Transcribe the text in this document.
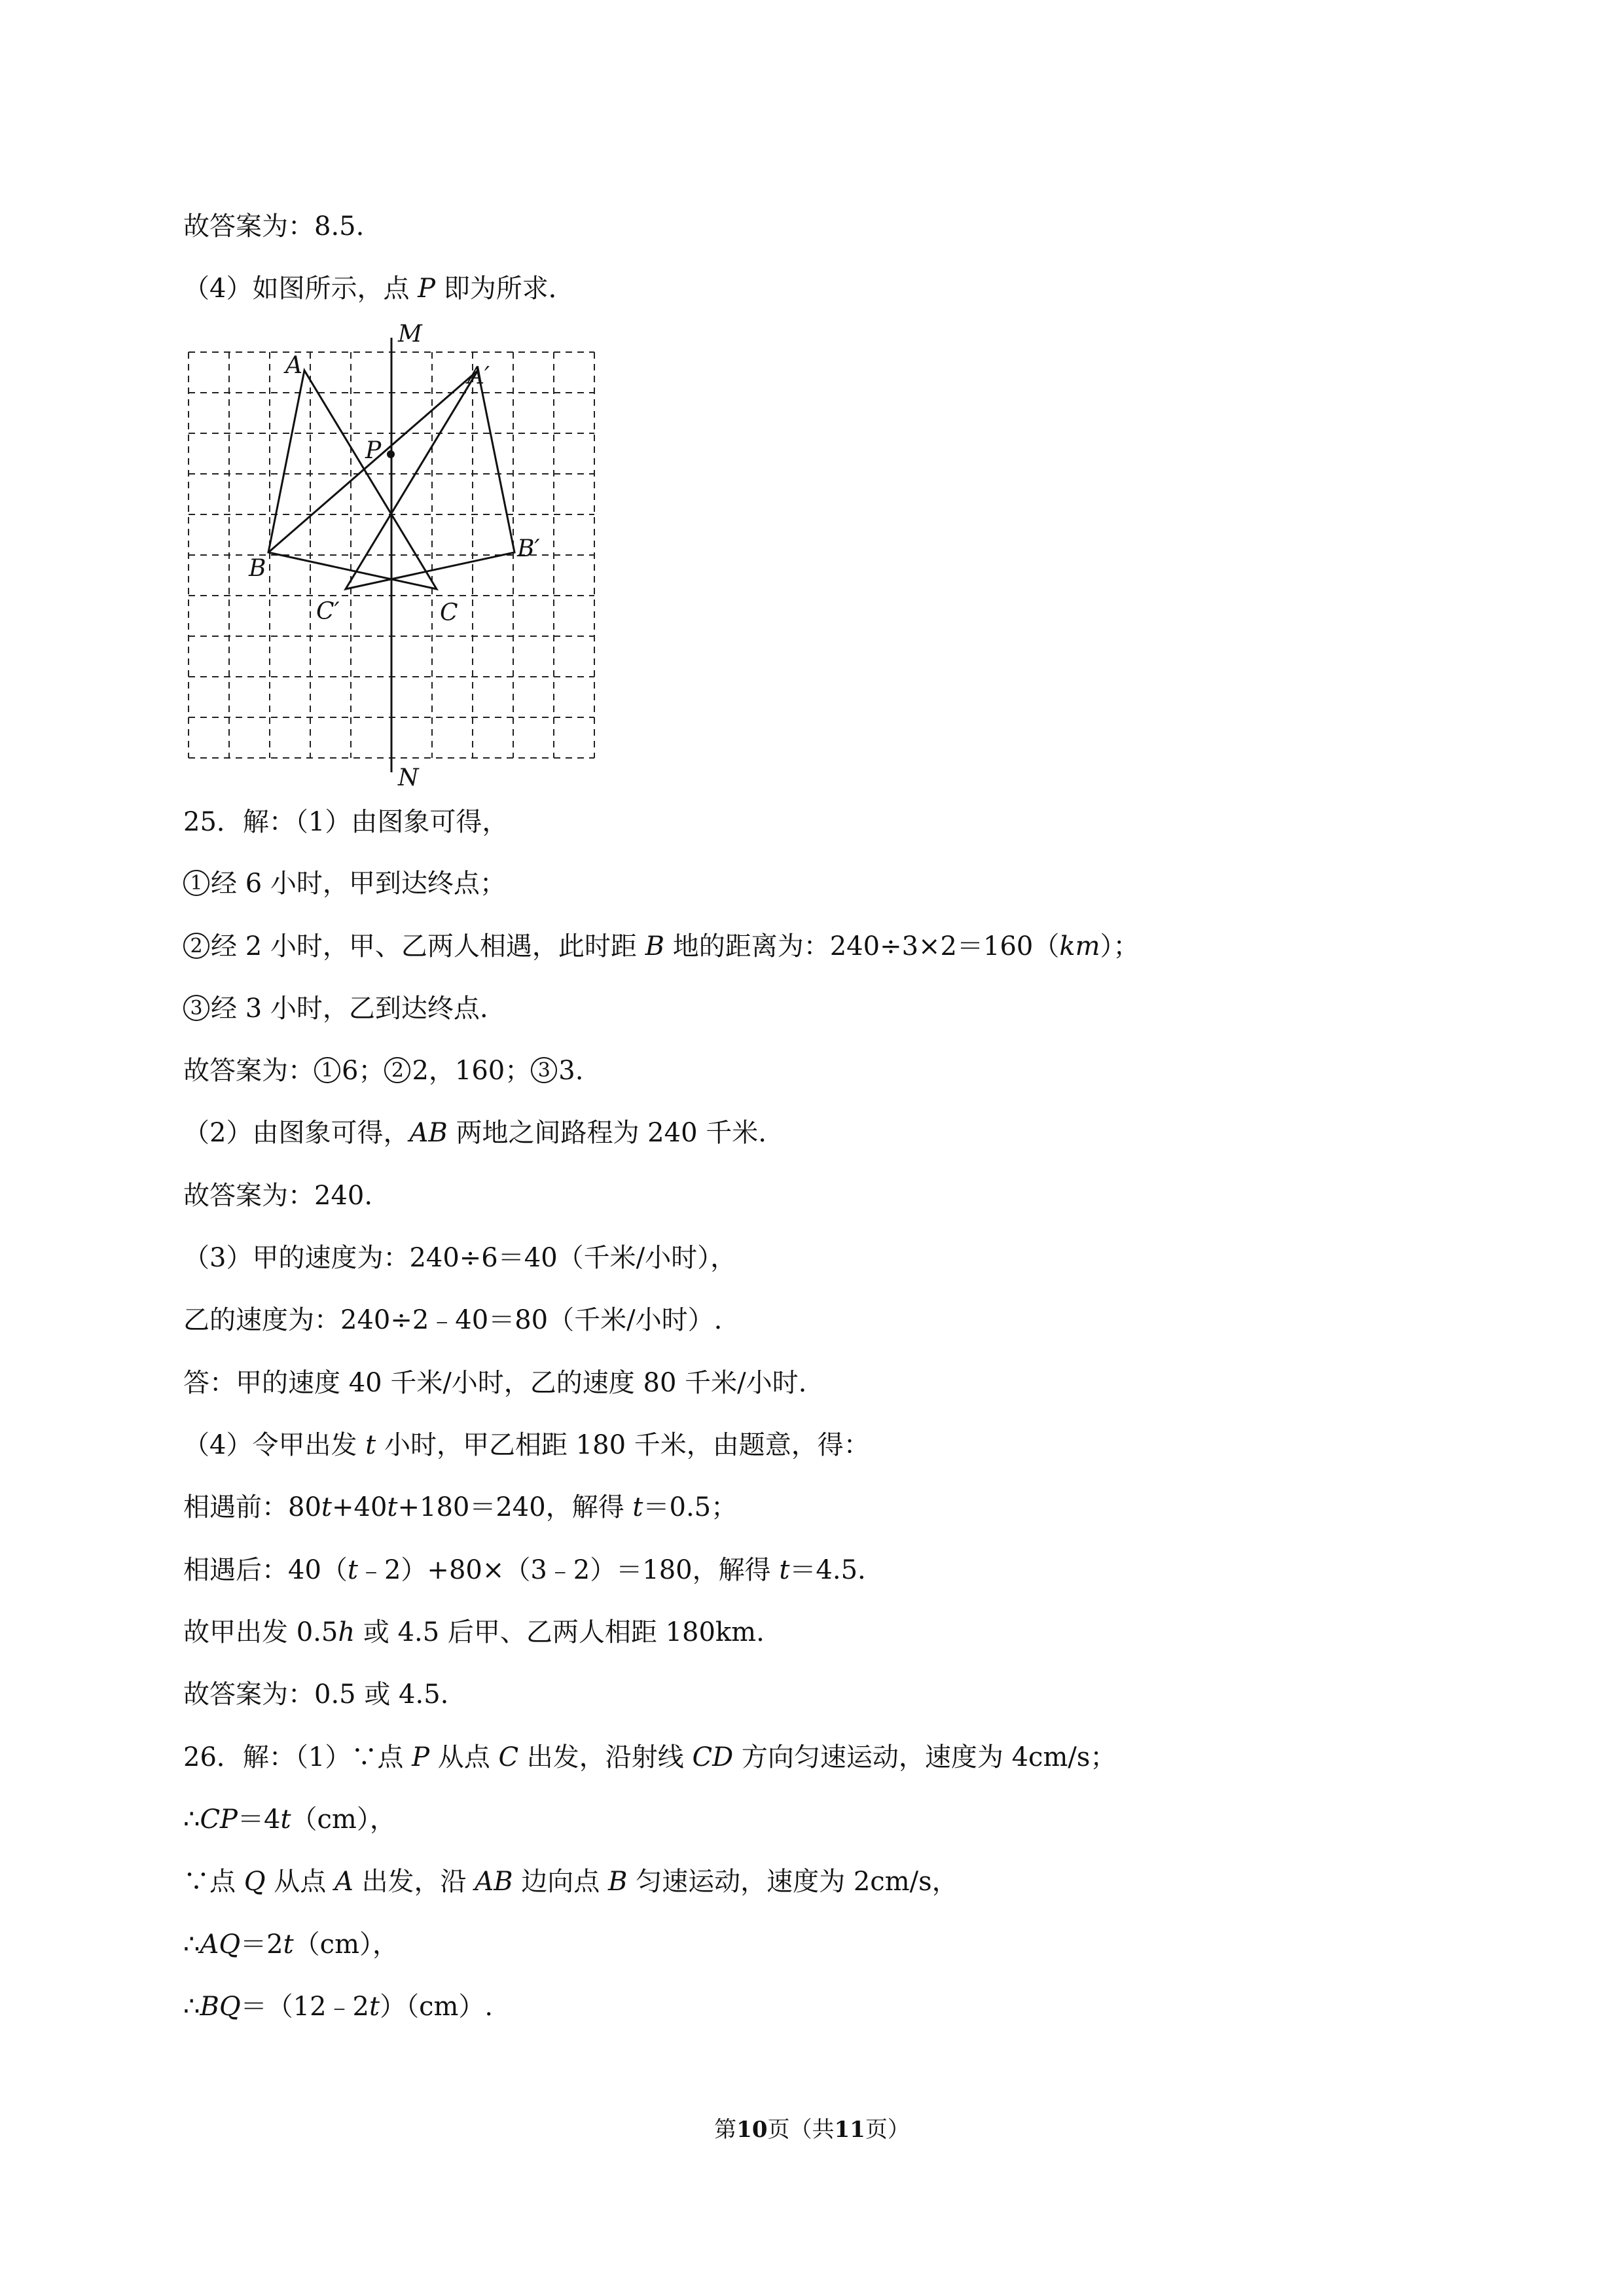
故答案为：8.5.
（4）如图所示，点 P 即为所求．
M
N
A	A′
P
B
B′
C
C′
25．解：（1）由图象可得，
1 经 6 小时，甲到达终点；
2 经 2 小时，甲、乙两人相遇，此时距 B 地的距离为：240÷3×2＝160（km）；
3 经 3 小时，乙到达终点.
故答案为： 1 6； 2 2，160； 3 3.
（2）由图象可得，AB 两地之间路程为 240 千米.
故答案为：240.
（3）甲的速度为：240÷6＝40（千米/小时），
乙的速度为：240÷2﹣40＝80（千米/小时）.
答：甲的速度 40 千米/小时，乙的速度 80 千米/小时.
（4）令甲出发 t 小时，甲乙相距 180 千米，由题意，得：
相遇前：80t+40t+180＝240，解得 t＝0.5；
相遇后：40（t﹣2）+80×（3﹣2）＝180，解得 t＝4.5.
故甲出发 0.5h 或 4.5 后甲、乙两人相距 180km.
故答案为：0.5 或 4.5.
26．解：（1）∵点 P 从点 C 出发，沿射线 CD 方向匀速运动，速度为 4cm/s；
∴CP＝4t（cm），
∵点 Q 从点 A 出发，沿 AB 边向点 B 匀速运动，速度为 2cm/s，
∴AQ＝2t（cm），
∴BQ＝（12﹣2t）（cm）.
第10页（共11页）
